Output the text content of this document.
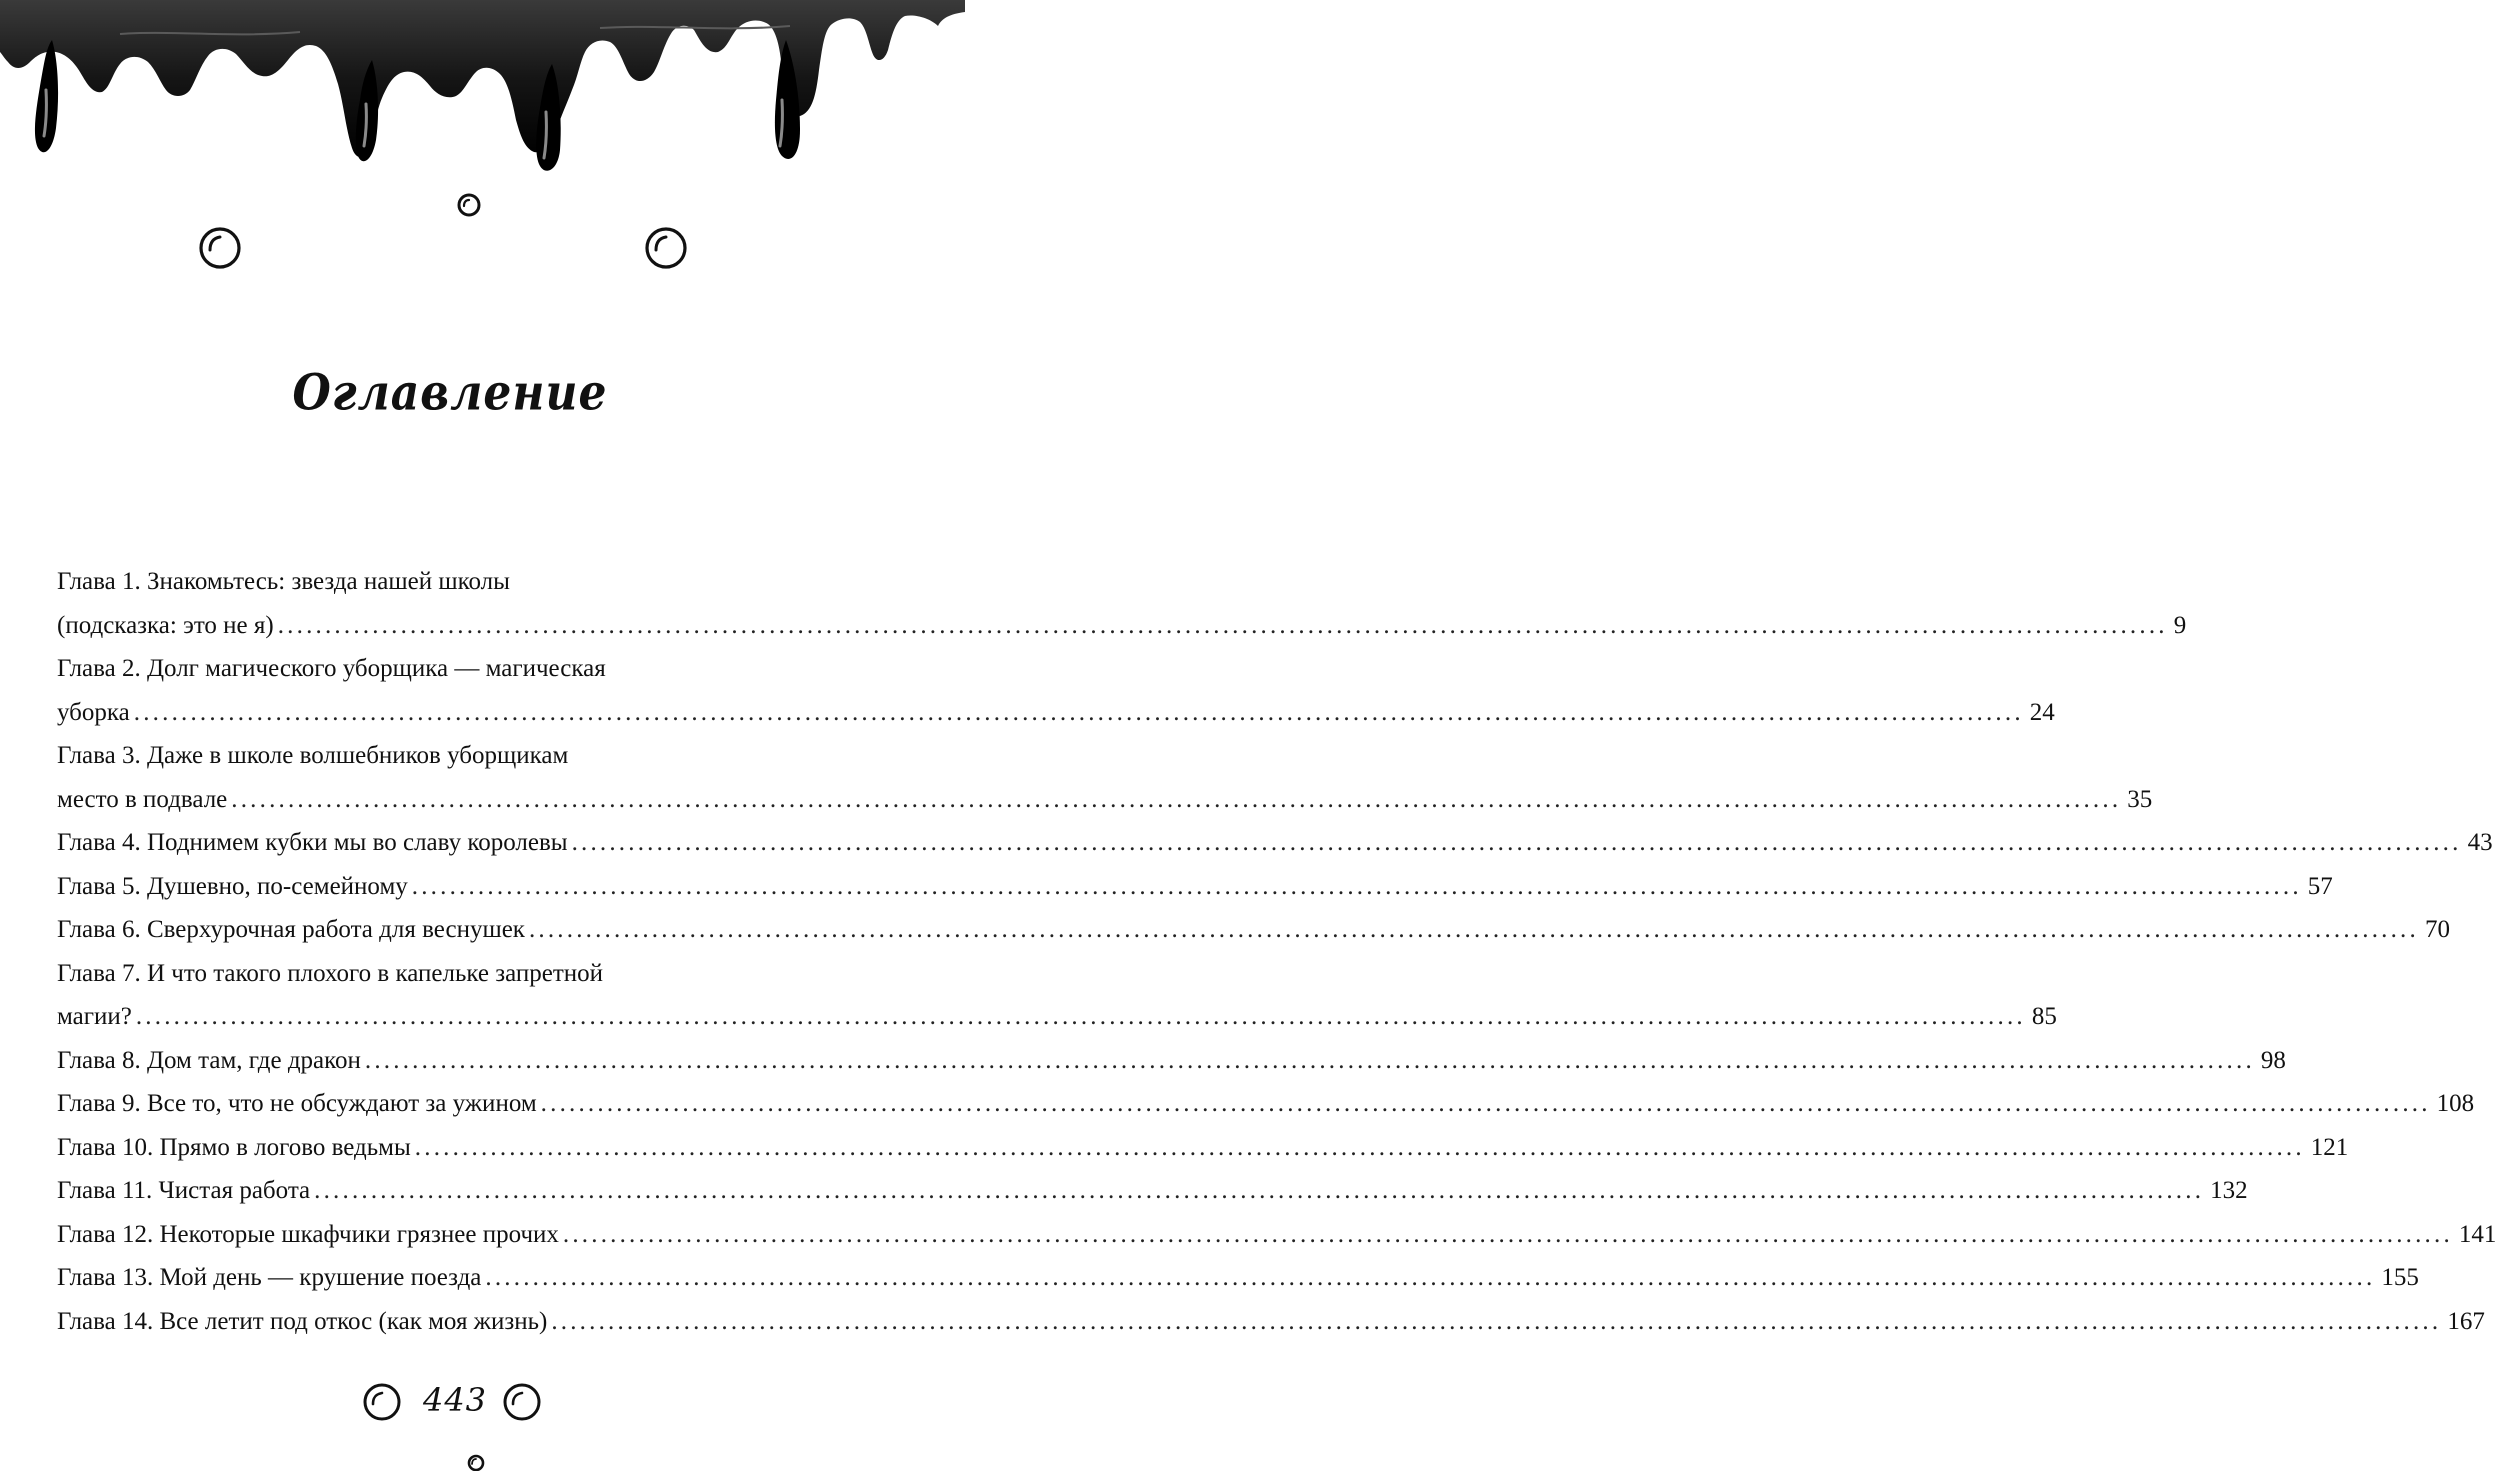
Оглавление
Глава 1. Знакомьтесь: звезда нашей школы
(подсказка: это не я) ........................................................................................................................................................................................................ 9
Глава 2. Долг магического уборщика — магическая
уборка ........................................................................................................................................................................................................ 24
Глава 3. Даже в школе волшебников уборщикам
место в подвале ........................................................................................................................................................................................................ 35
Глава 4. Поднимем кубки мы во славу королевы ........................................................................................................................................................................................................ 43
Глава 5. Душевно, по-семейному ........................................................................................................................................................................................................ 57
Глава 6. Сверхурочная работа для веснушек ........................................................................................................................................................................................................ 70
Глава 7. И что такого плохого в капельке запретной
магии? ........................................................................................................................................................................................................ 85
Глава 8. Дом там, где дракон ........................................................................................................................................................................................................ 98
Глава 9. Все то, что не обсуждают за ужином ........................................................................................................................................................................................................ 108
Глава 10. Прямо в логово ведьмы ........................................................................................................................................................................................................ 121
Глава 11. Чистая работа ........................................................................................................................................................................................................ 132
Глава 12. Некоторые шкафчики грязнее прочих ........................................................................................................................................................................................................ 141
Глава 13. Мой день — крушение поезда ........................................................................................................................................................................................................ 155
Глава 14. Все летит под откос (как моя жизнь) ........................................................................................................................................................................................................ 167
443
